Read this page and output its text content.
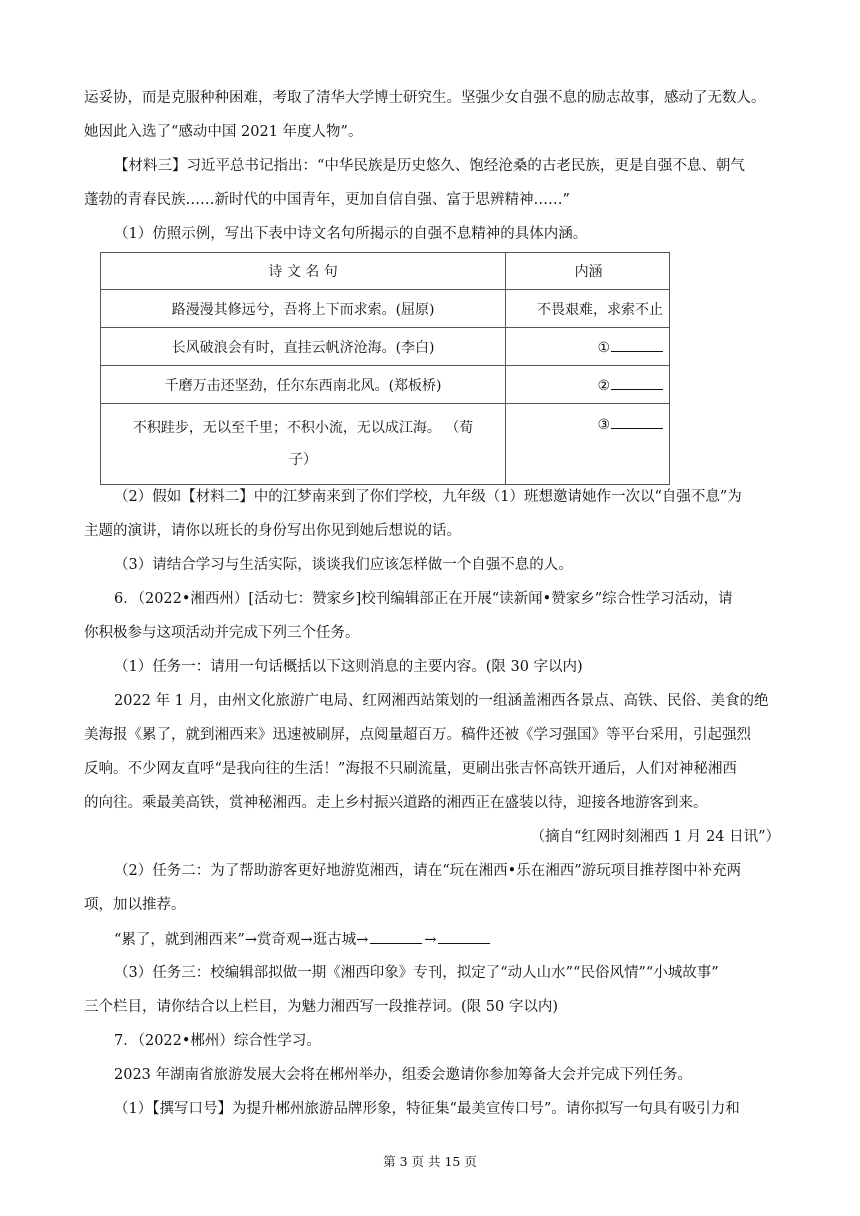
运妥协，而是克服种种困难，考取了清华大学博士研究生。坚强少女自强不息的励志故事，感动了无数人。
她因此入选了“感动中国 2021 年度人物”。
【材料三】习近平总书记指出：“中华民族是历史悠久、饱经沧桑的古老民族，更是自强不息、朝气
蓬勃的青春民族……新时代的中国青年，更加自信自强、富于思辨精神……”
（1）仿照示例，写出下表中诗文名句所揭示的自强不息精神的具体内涵。
诗 文 名 句	内涵
路漫漫其修远兮，吾将上下而求索。(屈原)	不畏艰难，求索不止
长风破浪会有时，直挂云帆济沧海。(李白)	①
千磨万击还坚劲，任尔东西南北风。(郑板桥)	②

不积跬步，无以至千里；不积小流，无以成江海。 （荀
子）	③
（2）假如【材料二】中的江梦南来到了你们学校，九年级（1）班想邀请她作一次以“自强不息”为
主题的演讲，请你以班长的身份写出你见到她后想说的话。
（3）请结合学习与生活实际，谈谈我们应该怎样做一个自强不息的人。
6．（2022•湘西州）[活动七：赞家乡]校刊编辑部正在开展“读新闻•赞家乡”综合性学习活动，请
你积极参与这项活动并完成下列三个任务。
（1）任务一：请用一句话概括以下这则消息的主要内容。(限 30 字以内)
2022 年 1 月，由州文化旅游广电局、红网湘西站策划的一组涵盖湘西各景点、高铁、民俗、美食的绝
美海报《累了，就到湘西来》迅速被刷屏，点阅量超百万。稿件还被《学习强国》等平台采用，引起强烈
反响。不少网友直呼“是我向往的生活！”海报不只刷流量，更刷出张吉怀高铁开通后，人们对神秘湘西
的向往。乘最美高铁，赏神秘湘西。走上乡村振兴道路的湘西正在盛装以待，迎接各地游客到来。
（摘自“红网时刻湘西 1 月 24 日讯”）
（2）任务二：为了帮助游客更好地游览湘西，请在“玩在湘西•乐在湘西”游玩项目推荐图中补充两
项，加以推荐。
“累了，就到湘西来”→赏奇观→逛古城→	→
（3）任务三：校编辑部拟做一期《湘西印象》专刊，拟定了“动人山水”“民俗风情”“小城故事”
三个栏目，请你结合以上栏目，为魅力湘西写一段推荐词。(限 50 字以内)
7．（2022•郴州）综合性学习。
2023 年湖南省旅游发展大会将在郴州举办，组委会邀请你参加筹备大会并完成下列任务。
（1）【撰写口号】为提升郴州旅游品牌形象，特征集“最美宣传口号”。请你拟写一句具有吸引力和
第 3 页 共 15 页
